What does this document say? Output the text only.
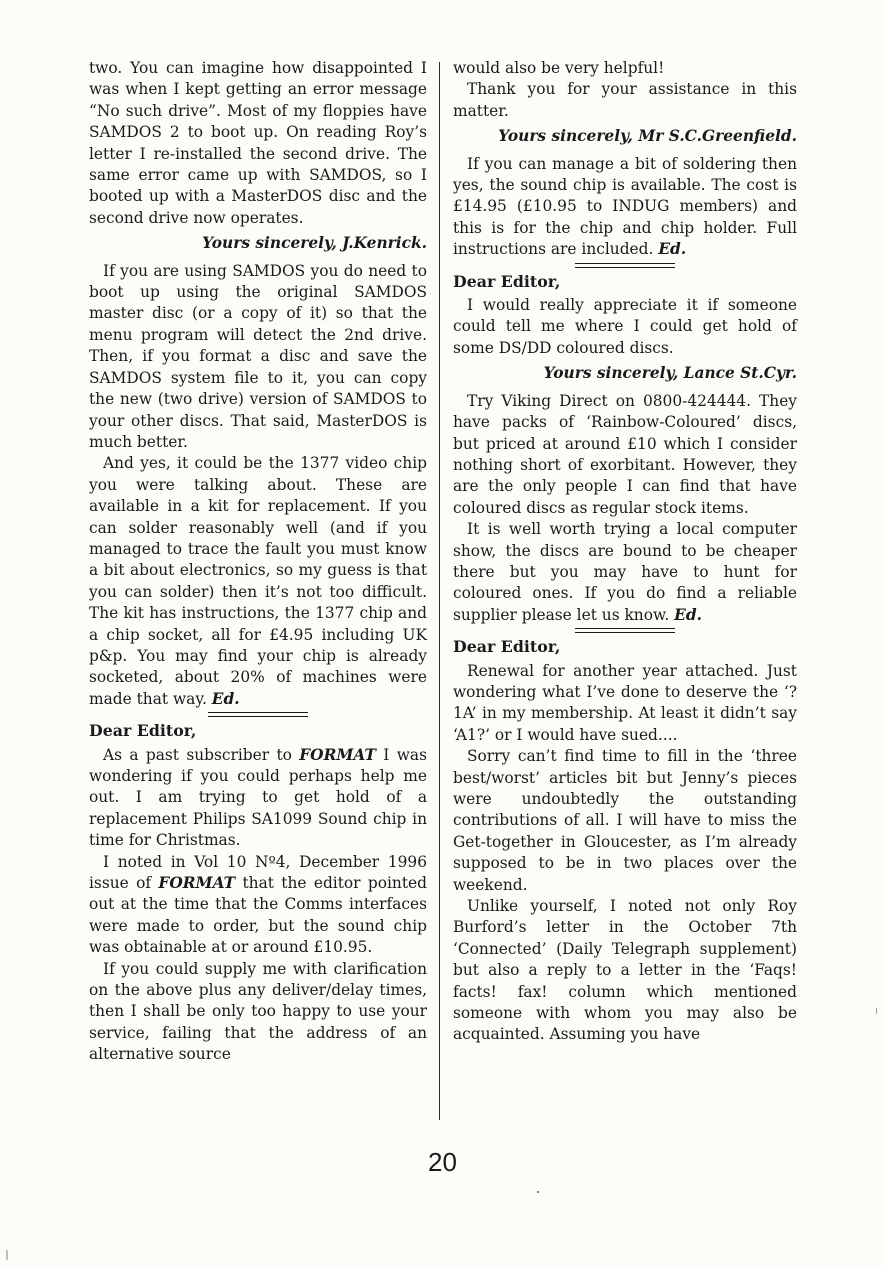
two. You can imagine how disappointed I was when I kept getting an error message “No such drive”. Most of my floppies have SAMDOS 2 to boot up. On reading Roy’s letter I re-installed the second drive. The same error came up with SAMDOS, so I booted up with a MasterDOS disc and the second drive now operates.

Yours sincerely, J.Kenrick.

If you are using SAMDOS you do need to boot up using the original SAMDOS master disc (or a copy of it) so that the menu program will detect the 2nd drive. Then, if you format a disc and save the SAMDOS system file to it, you can copy the new (two drive) version of SAMDOS to your other discs. That said, MasterDOS is much better.

And yes, it could be the 1377 video chip you were talking about. These are available in a kit for replacement. If you can solder reasonably well (and if you managed to trace the fault you must know a bit about electronics, so my guess is that you can solder) then it’s not too difficult. The kit has instructions, the 1377 chip and a chip socket, all for £4.95 including UK p&p. You may find your chip is already socketed, about 20% of machines were made that way. Ed.

Dear Editor,

As a past subscriber to FORMAT I was wondering if you could perhaps help me out. I am trying to get hold of a replacement Philips SA1099 Sound chip in time for Christmas.

I noted in Vol 10 Nº4, December 1996 issue of FORMAT that the editor pointed out at the time that the Comms interfaces were made to order, but the sound chip was obtainable at or around £10.95.

If you could supply me with clarification on the above plus any deliver/delay times, then I shall be only too happy to use your service, failing that the address of an alternative source

would also be very helpful!

Thank you for your assistance in this matter.

Yours sincerely, Mr S.C.Greenfield.

If you can manage a bit of soldering then yes, the sound chip is available. The cost is £14.95 (£10.95 to INDUG members) and this is for the chip and chip holder. Full instructions are included. Ed.

Dear Editor,

I would really appreciate it if someone could tell me where I could get hold of some DS/DD coloured discs.

Yours sincerely, Lance St.Cyr.

Try Viking Direct on 0800-424444. They have packs of ‘Rainbow-Coloured’ discs, but priced at around £10 which I consider nothing short of exorbitant. However, they are the only people I can find that have coloured discs as regular stock items.

It is well worth trying a local computer show, the discs are bound to be cheaper there but you may have to hunt for coloured ones. If you do find a reliable supplier please let us know. Ed.

Dear Editor,

Renewal for another year attached. Just wondering what I’ve done to deserve the ‘?1A’ in my membership. At least it didn’t say ‘A1?’ or I would have sued....

Sorry can’t find time to fill in the ‘three best/worst’ articles bit but Jenny’s pieces were undoubtedly the outstanding contributions of all. I will have to miss the Get-together in Gloucester, as I’m already supposed to be in two places over the weekend.

Unlike yourself, I noted not only Roy Burford’s letter in the October 7th ‘Connected’ (Daily Telegraph supplement) but also a reply to a letter in the ‘Faqs! facts! fax! column which mentioned someone with whom you may also be acquainted. Assuming you have

20
